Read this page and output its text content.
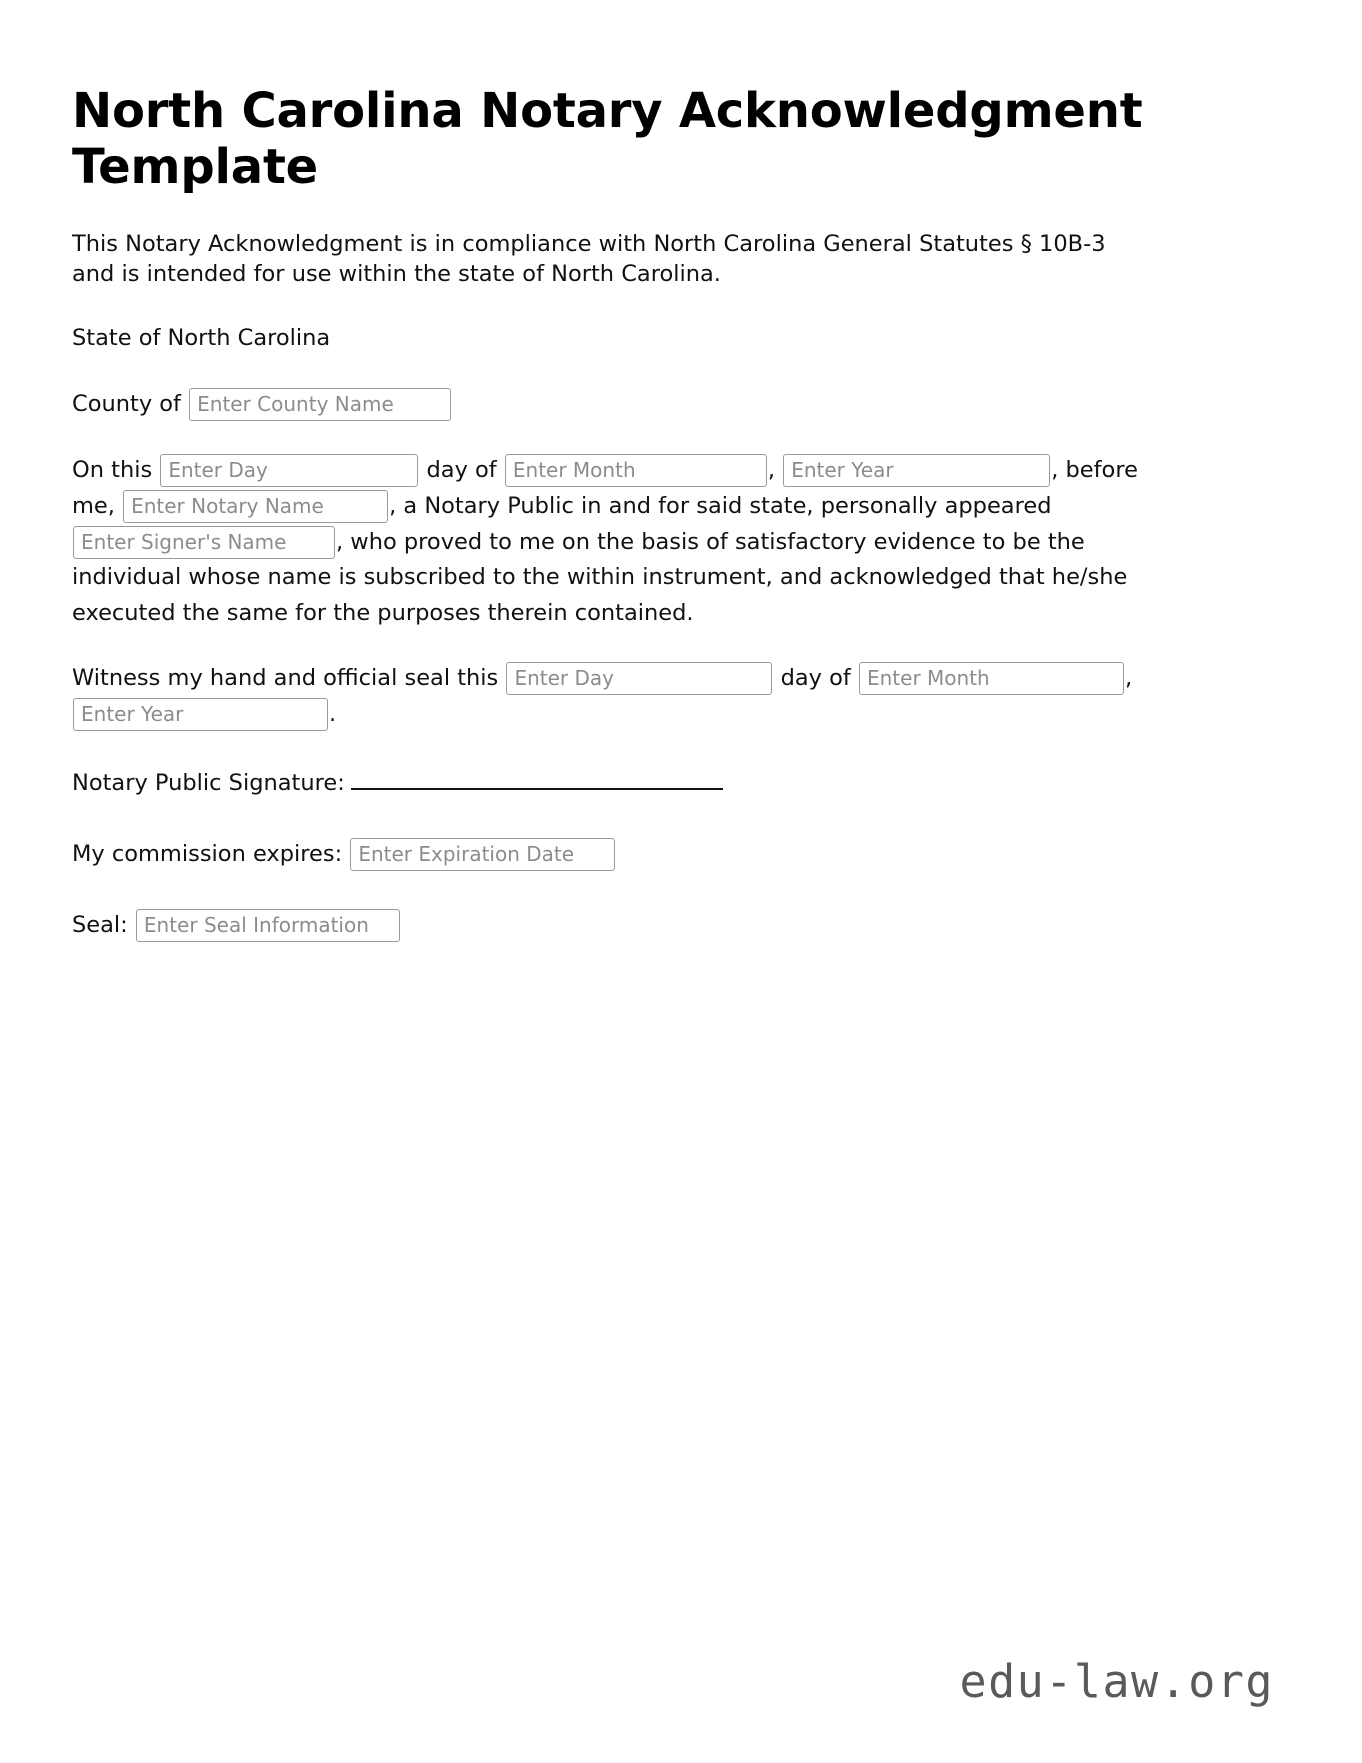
North Carolina Notary Acknowledgment Template

This Notary Acknowledgment is in compliance with North Carolina General Statutes § 10B-3 and is intended for use within the state of North Carolina.

State of North Carolina

County of Enter County Name
On this Enter Day	day of Enter Month	, Enter Year	, before me, Enter Notary Name	, a Notary Public in and for said state, personally appeared Enter Signer's Name, who proved to me on the basis of satisfactory evidence to be the individual whose name is subscribed to the within instrument, and acknowledged that he/she executed the same for the purposes therein contained.
Witness my hand and official seal this Enter Day	day of Enter Month	, Enter Year.
Notary Public Signature:
My commission expires: Enter Expiration Date
Seal: Enter Seal Information
edu-law.org
